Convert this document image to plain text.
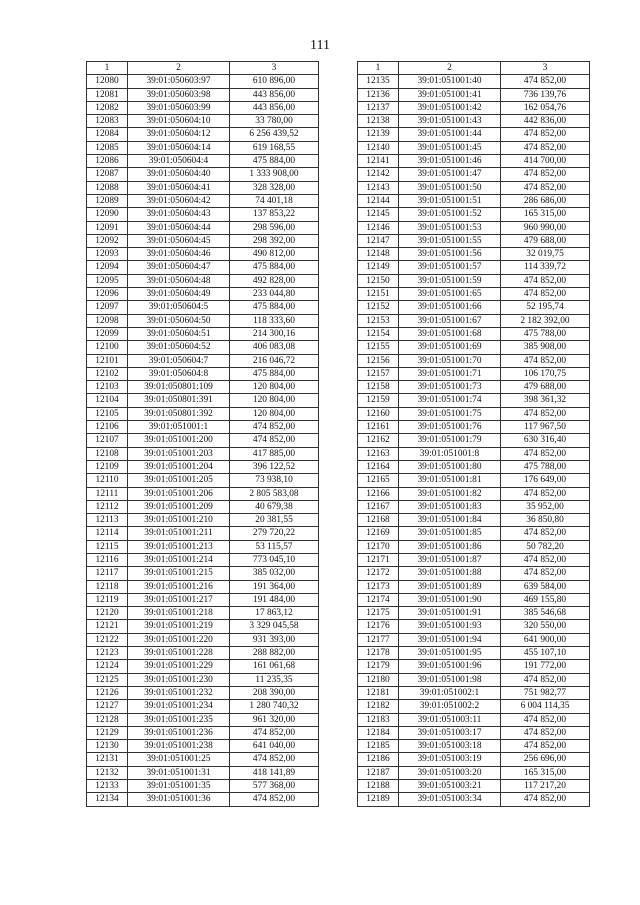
111
1	2	3
12080	39:01:050603:97	610 896,00
12081	39:01:050603:98	443 856,00
12082	39:01:050603:99	443 856,00
12083	39:01:050604:10	33 780,00
12084	39:01:050604:12	6 256 439,52
12085	39:01:050604:14	619 168,55
12086	39:01:050604:4	475 884,00
12087	39:01:050604:40	1 333 908,00
12088	39:01:050604:41	328 328,00
12089	39:01:050604:42	74 401,18
12090	39:01:050604:43	137 853,22
12091	39:01:050604:44	298 596,00
12092	39:01:050604:45	298 392,00
12093	39:01:050604:46	490 812,00
12094	39:01:050604:47	475 884,00
12095	39:01:050604:48	492 828,00
12096	39:01:050604:49	233 044,80
12097	39:01:050604:5	475 884,00
12098	39:01:050604:50	118 333,60
12099	39:01:050604:51	214 300,16
12100	39:01:050604:52	406 083,08
12101	39:01:050604:7	216 046,72
12102	39:01:050604:8	475 884,00
12103	39:01:050801:109	120 804,00
12104	39:01:050801:391	120 804,00
12105	39:01:050801:392	120 804,00
12106	39:01:051001:1	474 852,00
12107	39:01:051001:200	474 852,00
12108	39:01:051001:203	417 885,00
12109	39:01:051001:204	396 122,52
12110	39:01:051001:205	73 938,10
12111	39:01:051001:206	2 805 583,08
12112	39:01:051001:209	40 679,38
12113	39:01:051001:210	20 381,55
12114	39:01:051001:211	279 720,22
12115	39:01:051001:213	53 115,57
12116	39:01:051001:214	773 045,10
12117	39:01:051001:215	385 032,00
12118	39:01:051001:216	191 364,00
12119	39:01:051001:217	191 484,00
12120	39:01:051001:218	17 863,12
12121	39:01:051001:219	3 329 045,58
12122	39:01:051001:220	931 393,00
12123	39:01:051001:228	288 882,00
12124	39:01:051001:229	161 061,68
12125	39:01:051001:230	11 235,35
12126	39:01:051001:232	208 390,00
12127	39:01:051001:234	1 280 740,32
12128	39:01:051001:235	961 320,00
12129	39:01:051001:236	474 852,00
12130	39:01:051001:238	641 040,00
12131	39:01:051001:25	474 852,00
12132	39:01:051001:31	418 141,89
12133	39:01:051001:35	577 368,00
12134	39:01:051001:36	474 852,00
1	2	3
12135	39:01:051001:40	474 852,00
12136	39:01:051001:41	736 139,76
12137	39:01:051001:42	162 054,76
12138	39:01:051001:43	442 836,00
12139	39:01:051001:44	474 852,00
12140	39:01:051001:45	474 852,00
12141	39:01:051001:46	414 700,00
12142	39:01:051001:47	474 852,00
12143	39:01:051001:50	474 852,00
12144	39:01:051001:51	286 686,00
12145	39:01:051001:52	165 315,00
12146	39:01:051001:53	960 990,00
12147	39:01:051001:55	479 688,00
12148	39:01:051001:56	32 019,75
12149	39:01:051001:57	114 339,72
12150	39:01:051001:59	474 852,00
12151	39:01:051001:65	474 852,00
12152	39:01:051001:66	52 195,74
12153	39:01:051001:67	2 182 392,00
12154	39:01:051001:68	475 788,00
12155	39:01:051001:69	385 908,00
12156	39:01:051001:70	474 852,00
12157	39:01:051001:71	106 170,75
12158	39:01:051001:73	479 688,00
12159	39:01:051001:74	398 361,32
12160	39:01:051001:75	474 852,00
12161	39:01:051001:76	117 967,50
12162	39:01:051001:79	630 316,40
12163	39:01:051001:8	474 852,00
12164	39:01:051001:80	475 788,00
12165	39:01:051001:81	176 649,00
12166	39:01:051001:82	474 852,00
12167	39:01:051001:83	35 952,00
12168	39:01:051001:84	36 850,80
12169	39:01:051001:85	474 852,00
12170	39:01:051001:86	50 782,20
12171	39:01:051001:87	474 852,00
12172	39:01:051001:88	474 852,00
12173	39:01:051001:89	639 584,00
12174	39:01:051001:90	469 155,80
12175	39:01:051001:91	385 546,68
12176	39:01:051001:93	320 550,00
12177	39:01:051001:94	641 900,00
12178	39:01:051001:95	455 107,10
12179	39:01:051001:96	191 772,00
12180	39:01:051001:98	474 852,00
12181	39:01:051002:1	751 982,77
12182	39:01:051002:2	6 004 114,35
12183	39:01:051003:11	474 852,00
12184	39:01:051003:17	474 852,00
12185	39:01:051003:18	474 852,00
12186	39:01:051003:19	256 696,00
12187	39:01:051003:20	165 315,00
12188	39:01:051003:21	117 217,20
12189	39:01:051003:34	474 852,00
